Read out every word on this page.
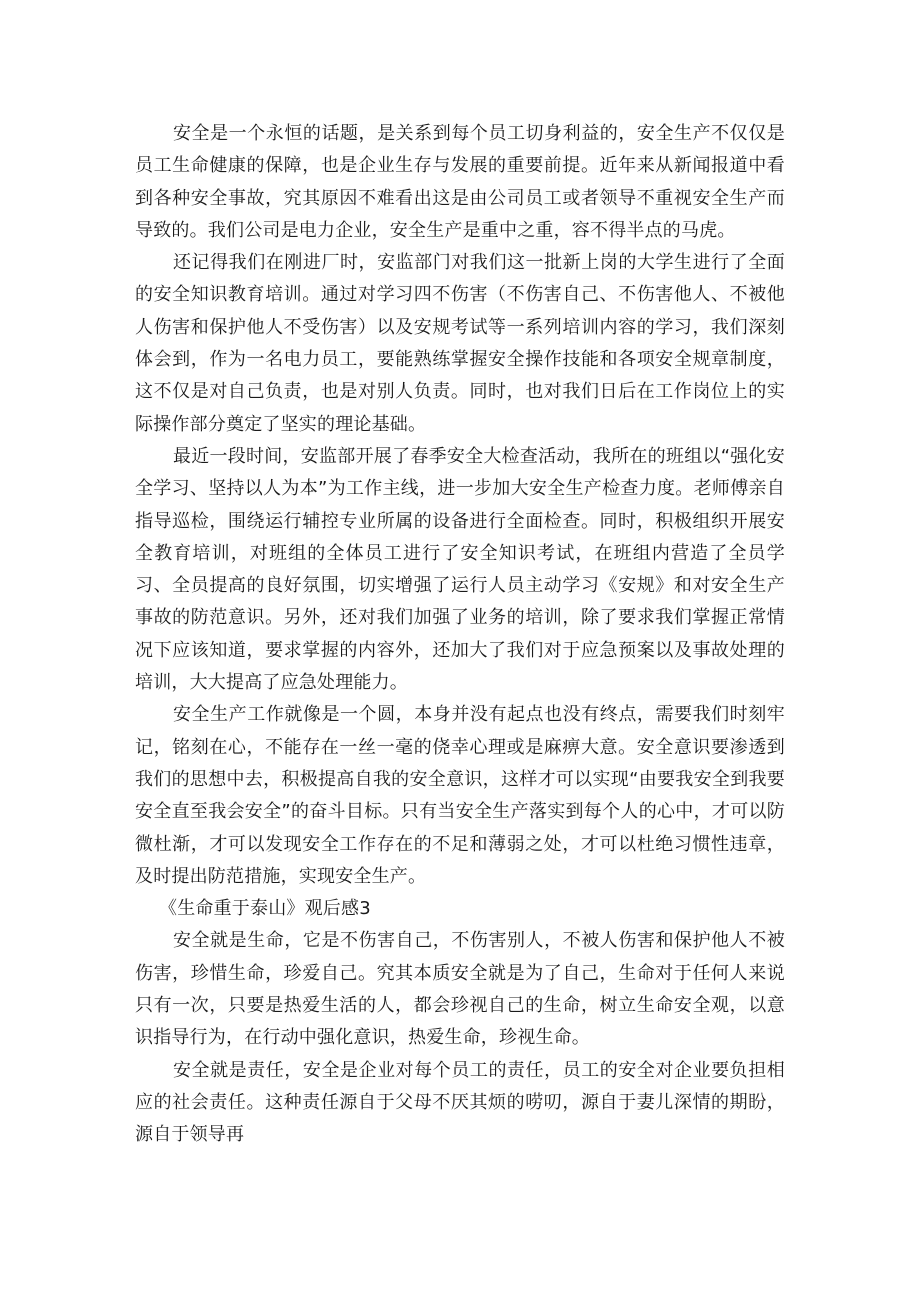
安全是一个永恒的话题，是关系到每个员工切身利益的，安全生产不仅仅是员工生命健康的保障，也是企业生存与发展的重要前提。近年来从新闻报道中看到各种安全事故，究其原因不难看出这是由公司员工或者领导不重视安全生产而导致的。我们公司是电力企业，安全生产是重中之重，容不得半点的马虎。

还记得我们在刚进厂时，安监部门对我们这一批新上岗的大学生进行了全面的安全知识教育培训。通过对学习四不伤害（不伤害自己、不伤害他人、不被他人伤害和保护他人不受伤害）以及安规考试等一系列培训内容的学习，我们深刻体会到，作为一名电力员工，要能熟练掌握安全操作技能和各项安全规章制度，这不仅是对自己负责，也是对别人负责。同时，也对我们日后在工作岗位上的实际操作部分奠定了坚实的理论基础。

最近一段时间，安监部开展了春季安全大检查活动，我所在的班组以“强化安全学习、坚持以人为本”为工作主线，进一步加大安全生产检查力度。老师傅亲自指导巡检，围绕运行辅控专业所属的设备进行全面检查。同时，积极组织开展安全教育培训，对班组的全体员工进行了安全知识考试，在班组内营造了全员学习、全员提高的良好氛围，切实增强了运行人员主动学习《安规》和对安全生产事故的防范意识。另外，还对我们加强了业务的培训，除了要求我们掌握正常情况下应该知道，要求掌握的内容外，还加大了我们对于应急预案以及事故处理的培训，大大提高了应急处理能力。

安全生产工作就像是一个圆，本身并没有起点也没有终点，需要我们时刻牢记，铭刻在心，不能存在一丝一毫的侥幸心理或是麻痹大意。安全意识要渗透到我们的思想中去，积极提高自我的安全意识，这样才可以实现“由要我安全到我要安全直至我会安全”的奋斗目标。只有当安全生产落实到每个人的心中，才可以防微杜渐，才可以发现安全工作存在的不足和薄弱之处，才可以杜绝习惯性违章，及时提出防范措施，实现安全生产。

《生命重于泰山》观后感3

安全就是生命，它是不伤害自己，不伤害别人，不被人伤害和保护他人不被伤害，珍惜生命，珍爱自己。究其本质安全就是为了自己，生命对于任何人来说只有一次，只要是热爱生活的人，都会珍视自己的生命，树立生命安全观，以意识指导行为，在行动中强化意识，热爱生命，珍视生命。

安全就是责任，安全是企业对每个员工的责任，员工的安全对企业要负担相应的社会责任。这种责任源自于父母不厌其烦的唠叨，源自于妻儿深情的期盼，源自于领导再
